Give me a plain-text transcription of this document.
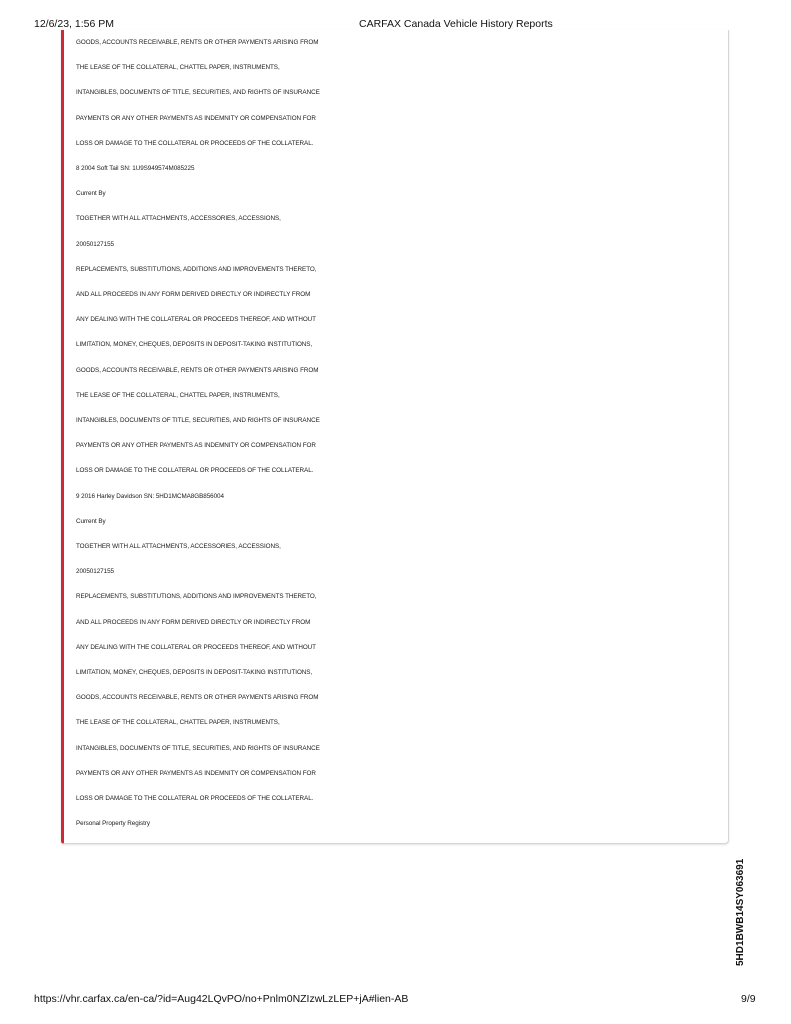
12/6/23, 1:56 PM	CARFAX Canada Vehicle History Reports
GOODS, ACCOUNTS RECEIVABLE, RENTS OR OTHER PAYMENTS ARISING FROM
THE LEASE OF THE COLLATERAL, CHATTEL PAPER, INSTRUMENTS,
INTANGIBLES, DOCUMENTS OF TITLE, SECURITIES, AND RIGHTS OF INSURANCE
PAYMENTS OR ANY OTHER PAYMENTS AS INDEMNITY OR COMPENSATION FOR
LOSS OR DAMAGE TO THE COLLATERAL OR PROCEEDS OF THE COLLATERAL.
8 2004 Soft Tail SN: 1U9S949574M085225
Current By
TOGETHER WITH ALL ATTACHMENTS, ACCESSORIES, ACCESSIONS,
20050127155
REPLACEMENTS, SUBSTITUTIONS, ADDITIONS AND IMPROVEMENTS THERETO,
AND ALL PROCEEDS IN ANY FORM DERIVED DIRECTLY OR INDIRECTLY FROM
ANY DEALING WITH THE COLLATERAL OR PROCEEDS THEREOF, AND WITHOUT
LIMITATION, MONEY, CHEQUES, DEPOSITS IN DEPOSIT-TAKING INSTITUTIONS,
GOODS, ACCOUNTS RECEIVABLE, RENTS OR OTHER PAYMENTS ARISING FROM
THE LEASE OF THE COLLATERAL, CHATTEL PAPER, INSTRUMENTS,
INTANGIBLES, DOCUMENTS OF TITLE, SECURITIES, AND RIGHTS OF INSURANCE
PAYMENTS OR ANY OTHER PAYMENTS AS INDEMNITY OR COMPENSATION FOR
LOSS OR DAMAGE TO THE COLLATERAL OR PROCEEDS OF THE COLLATERAL.
9 2016 Harley Davidson SN: 5HD1MCMA8GB856004
Current By
TOGETHER WITH ALL ATTACHMENTS, ACCESSORIES, ACCESSIONS,
20050127155
REPLACEMENTS, SUBSTITUTIONS, ADDITIONS AND IMPROVEMENTS THERETO,
AND ALL PROCEEDS IN ANY FORM DERIVED DIRECTLY OR INDIRECTLY FROM
ANY DEALING WITH THE COLLATERAL OR PROCEEDS THEREOF, AND WITHOUT
LIMITATION, MONEY, CHEQUES, DEPOSITS IN DEPOSIT-TAKING INSTITUTIONS,
GOODS, ACCOUNTS RECEIVABLE, RENTS OR OTHER PAYMENTS ARISING FROM
THE LEASE OF THE COLLATERAL, CHATTEL PAPER, INSTRUMENTS,
INTANGIBLES, DOCUMENTS OF TITLE, SECURITIES, AND RIGHTS OF INSURANCE
PAYMENTS OR ANY OTHER PAYMENTS AS INDEMNITY OR COMPENSATION FOR
LOSS OR DAMAGE TO THE COLLATERAL OR PROCEEDS OF THE COLLATERAL.
Personal Property Registry
5HD1BWB14SY063691
https://vhr.carfax.ca/en-ca/?id=Aug42LQvPO/no+Pnlm0NZIzwLzLEP+jA#lien-AB	9/9
